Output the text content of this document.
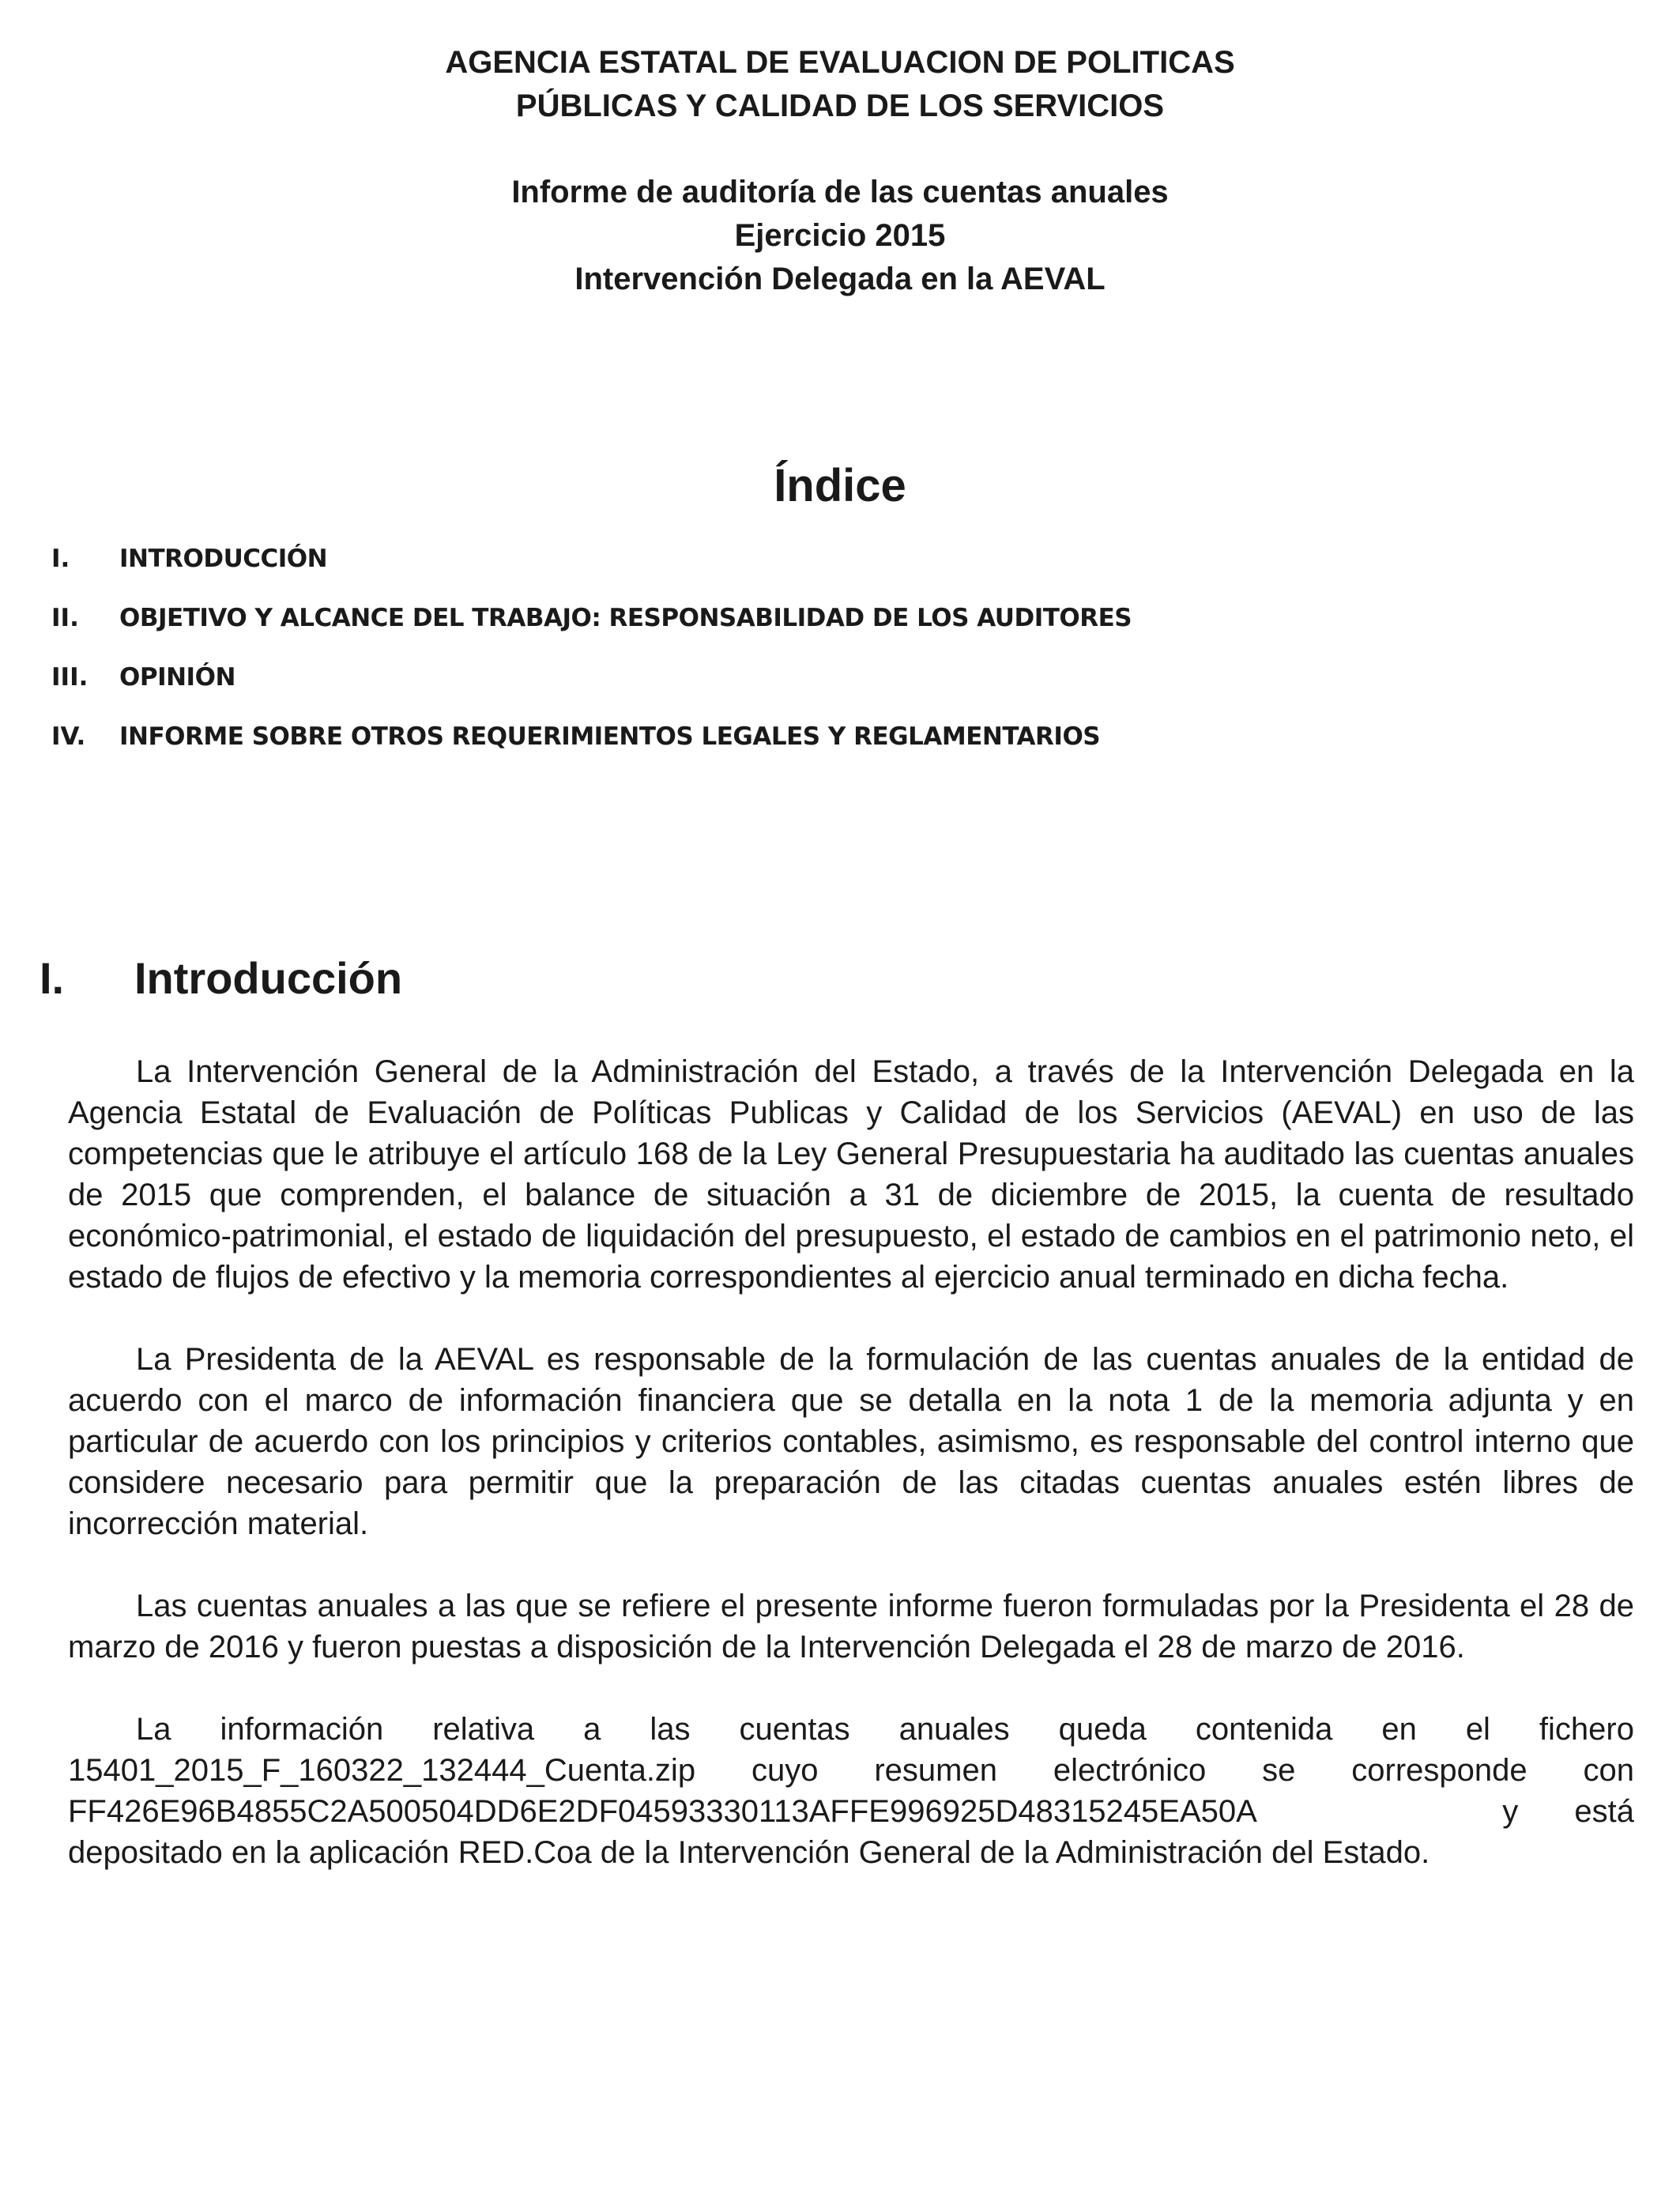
AGENCIA ESTATAL DE EVALUACION DE POLITICAS
PÚBLICAS Y CALIDAD DE LOS SERVICIOS
Informe de auditoría de las cuentas anuales
Ejercicio 2015
Intervención Delegada en la AEVAL
Índice
I. INTRODUCCIÓN
II. OBJETIVO Y ALCANCE DEL TRABAJO: RESPONSABILIDAD DE LOS AUDITORES
III. OPINIÓN
IV. INFORME SOBRE OTROS REQUERIMIENTOS LEGALES Y REGLAMENTARIOS
I. Introducción

La Intervención General de la Administración del Estado, a través de la Intervención Delegada en la Agencia Estatal de Evaluación de Políticas Publicas y Calidad de los Servicios (AEVAL) en uso de las competencias que le atribuye el artículo 168 de la Ley General Presupuestaria ha auditado las cuentas anuales de 2015 que comprenden, el balance de situación a 31 de diciembre de 2015, la cuenta de resultado económico-patrimonial, el estado de liquidación del presupuesto, el estado de cambios en el patrimonio neto, el estado de flujos de efectivo y la memoria correspondientes al ejercicio anual terminado en dicha fecha.

La Presidenta de la AEVAL es responsable de la formulación de las cuentas anuales de la entidad de acuerdo con el marco de información financiera que se detalla en la nota 1 de la memoria adjunta y en particular de acuerdo con los principios y criterios contables, asimismo, es responsable del control interno que considere necesario para permitir que la preparación de las citadas cuentas anuales estén libres de incorrección material.

Las cuentas anuales a las que se refiere el presente informe fueron formuladas por la Presidenta el 28 de marzo de 2016 y fueron puestas a disposición de la Intervención Delegada el 28 de marzo de 2016.

La información relativa a las cuentas anuales queda contenida en el fichero
15401_2015_F_160322_132444_Cuenta.zip cuyo resumen electrónico se corresponde con
FF426E96B4855C2A500504DD6E2DF04593330113AFFE996925D48315245EA50A	y está
depositado en la aplicación RED.Coa de la Intervención General de la Administración del Estado.
